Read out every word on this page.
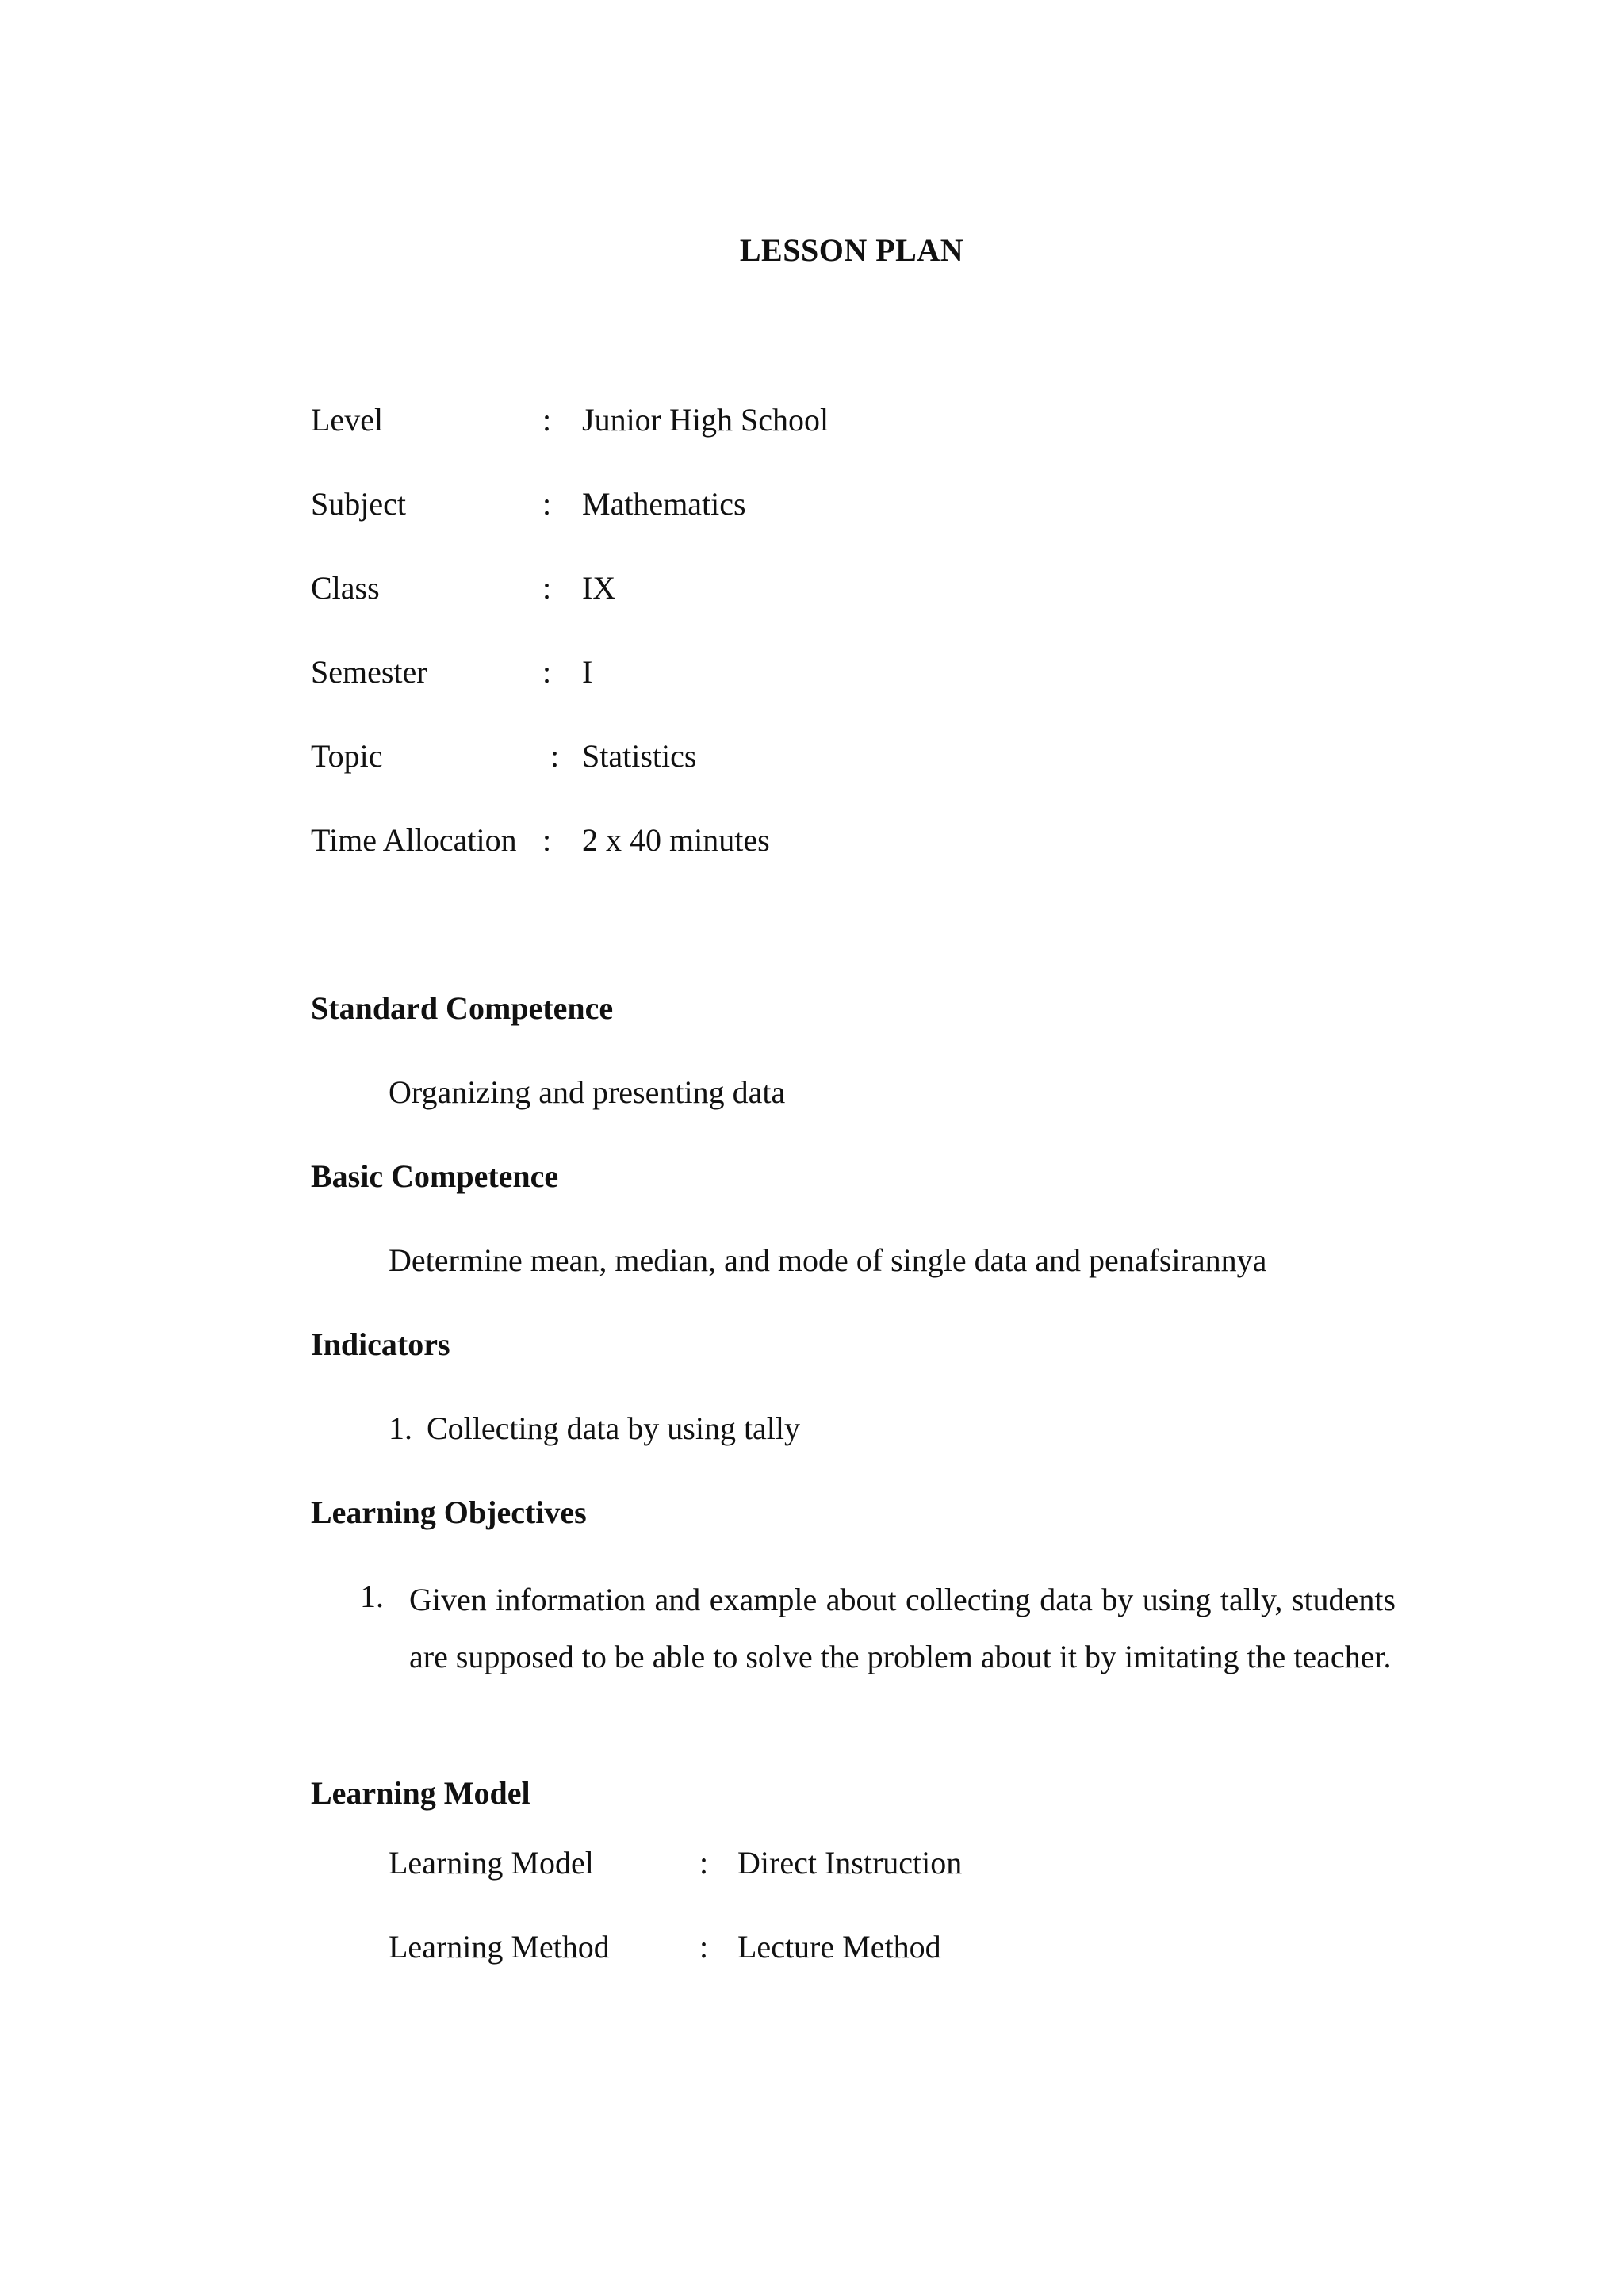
LESSON PLAN
Level	: Junior High School
Subject	: Mathematics
Class	: IX
Semester	: I
Topic	: Statistics
Time Allocation : 2 x 40 minutes
Standard Competence
Organizing and presenting data
Basic Competence
Determine mean, median, and mode of single data and penafsirannya
Indicators
1. Collecting data by using tally
Learning Objectives
1. Given information and example about collecting data by using tally, students are supposed to be able to solve the problem about it by imitating the teacher.
Learning Model
Learning Model	: Direct Instruction
Learning Method	: Lecture Method
